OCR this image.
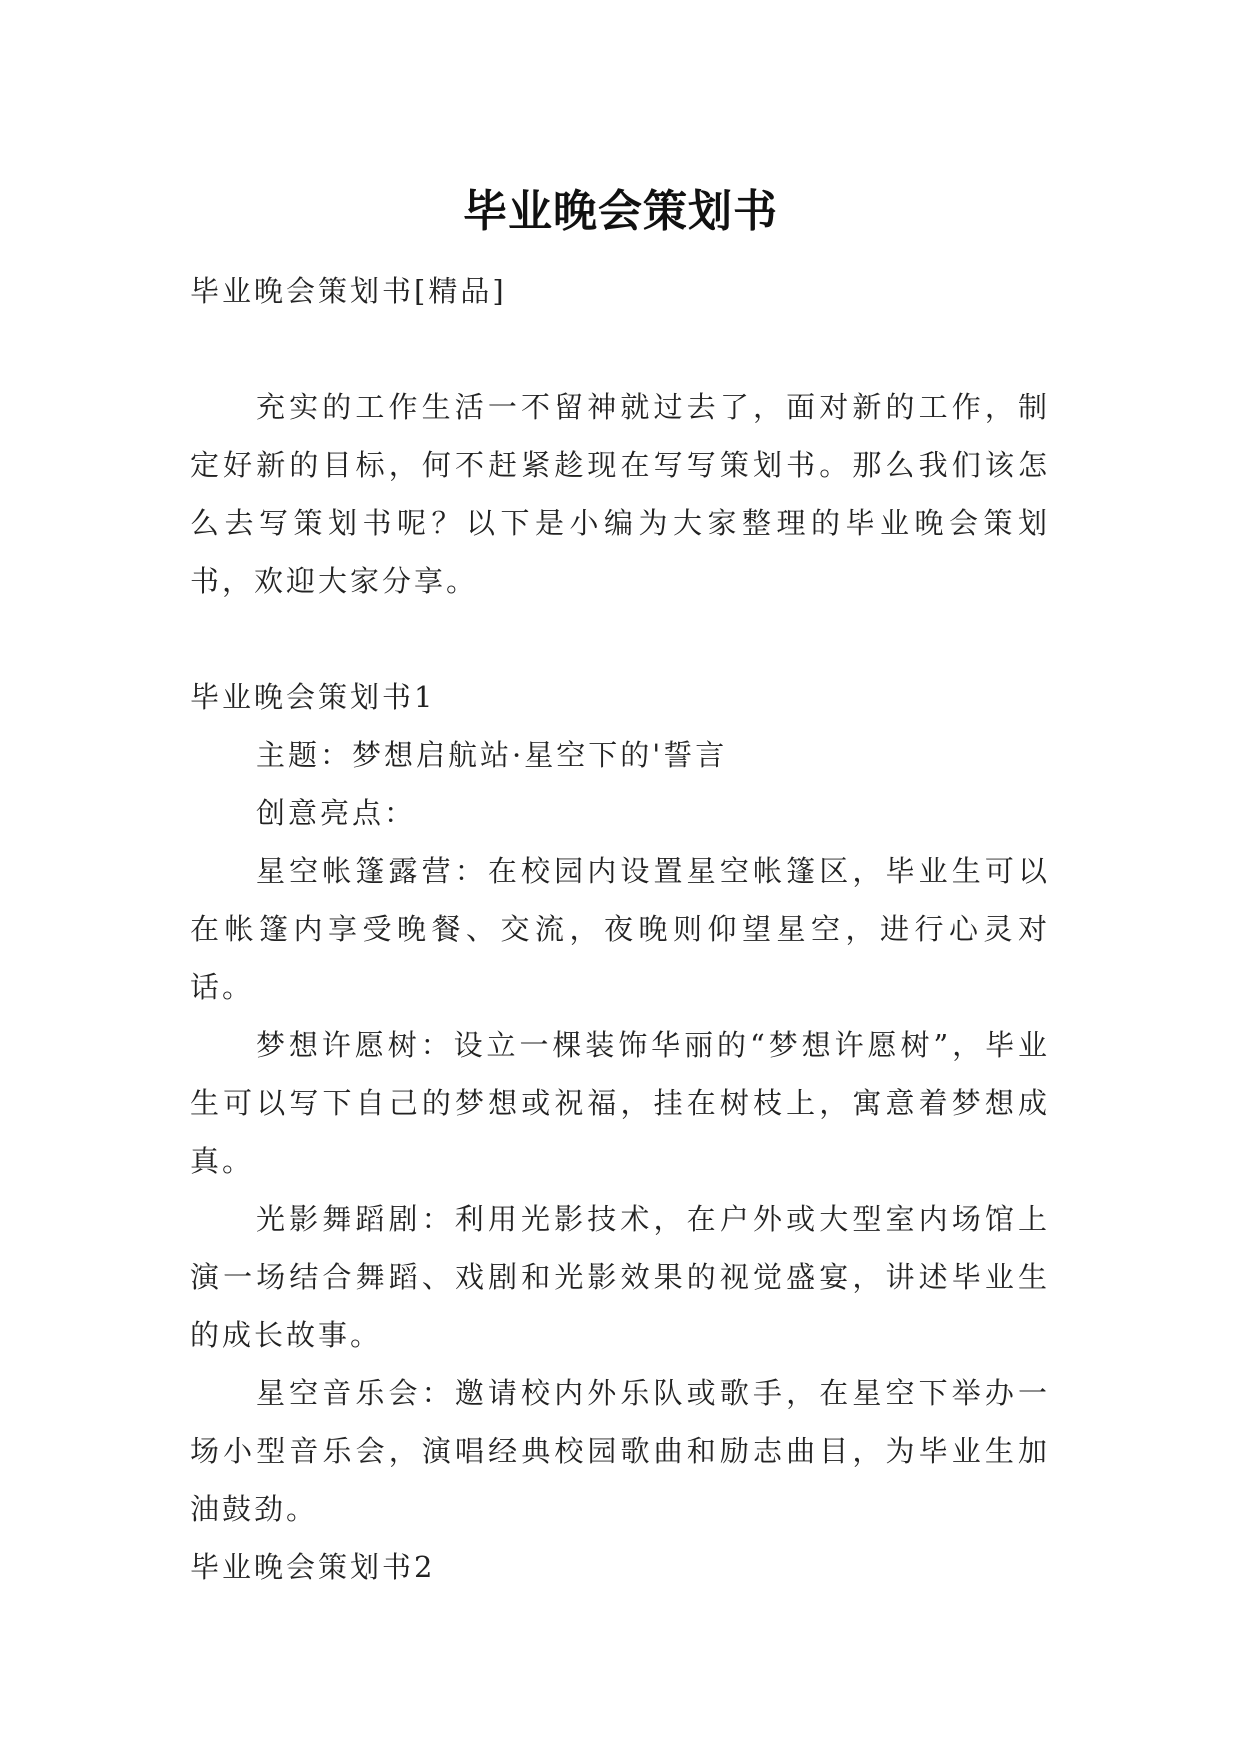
毕业晚会策划书

毕业晚会策划书[精品]

充实的工作生活一不留神就过去了，面对新的工作，制定好新的目标，何不赶紧趁现在写写策划书。那么我们该怎么去写策划书呢？以下是小编为大家整理的毕业晚会策划书，欢迎大家分享。

毕业晚会策划书1

主题：梦想启航站·星空下的'誓言

创意亮点：

星空帐篷露营：在校园内设置星空帐篷区，毕业生可以在帐篷内享受晚餐、交流，夜晚则仰望星空，进行心灵对话。

梦想许愿树：设立一棵装饰华丽的“梦想许愿树”，毕业生可以写下自己的梦想或祝福，挂在树枝上，寓意着梦想成真。

光影舞蹈剧：利用光影技术，在户外或大型室内场馆上演一场结合舞蹈、戏剧和光影效果的视觉盛宴，讲述毕业生的成长故事。

星空音乐会：邀请校内外乐队或歌手，在星空下举办一场小型音乐会，演唱经典校园歌曲和励志曲目，为毕业生加油鼓劲。

毕业晚会策划书2
